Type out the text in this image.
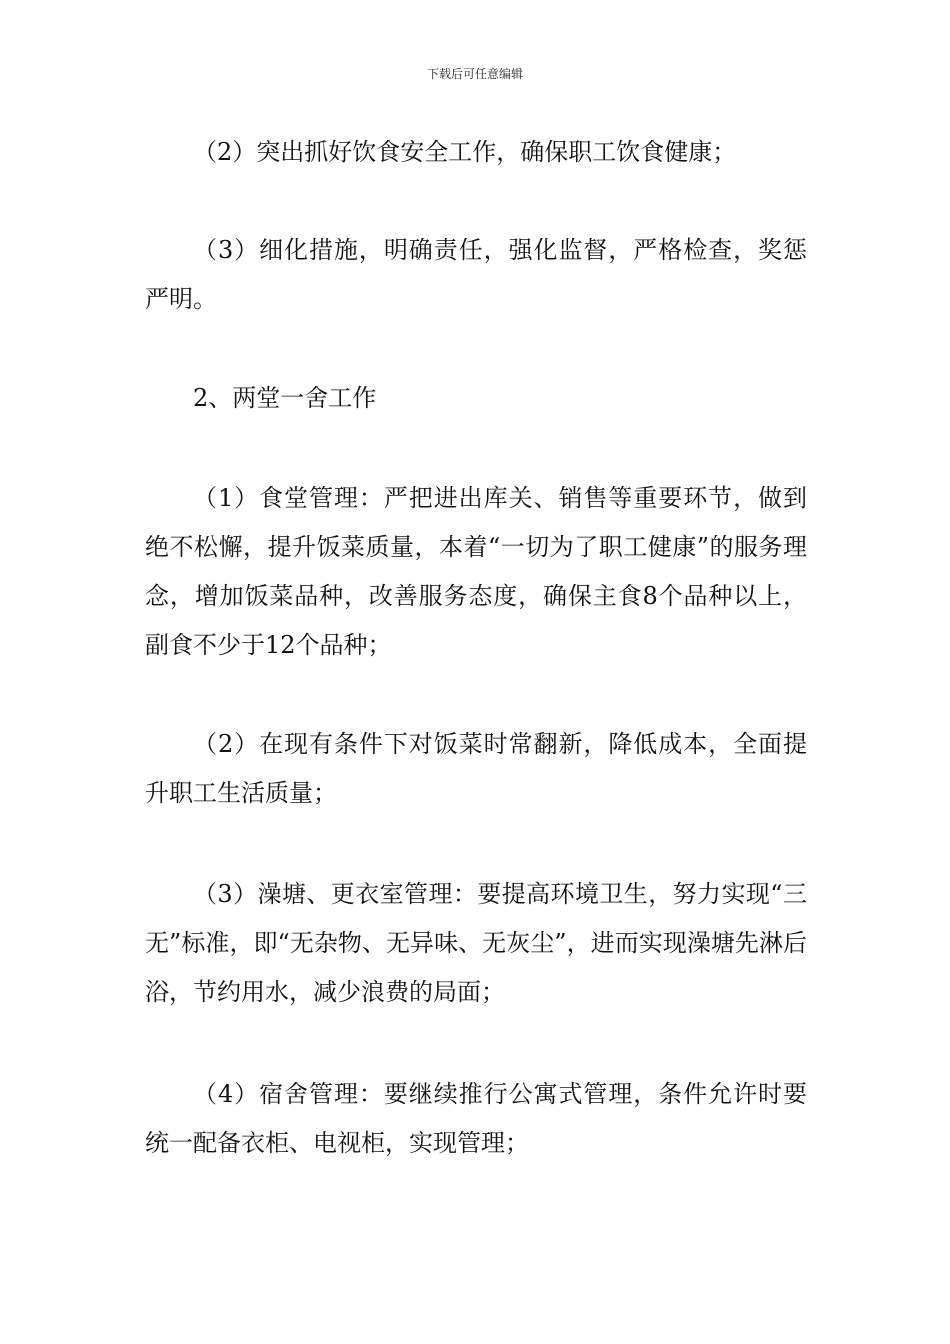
下载后可任意编辑

（2）突出抓好饮食安全工作，确保职工饮食健康；

（3）细化措施，明确责任，强化监督，严格检查，奖惩严明。

2、两堂一舍工作

（1）食堂管理：严把进出库关、销售等重要环节，做到绝不松懈，提升饭菜质量，本着“一切为了职工健康”的服务理念，增加饭菜品种，改善服务态度，确保主食8个品种以上，副食不少于12个品种；

（2）在现有条件下对饭菜时常翻新，降低成本，全面提升职工生活质量；

（3）澡塘、更衣室管理：要提高环境卫生，努力实现“三无”标准，即“无杂物、无异味、无灰尘”，进而实现澡塘先淋后浴，节约用水，减少浪费的局面；

（4）宿舍管理：要继续推行公寓式管理，条件允许时要统一配备衣柜、电视柜，实现管理；
